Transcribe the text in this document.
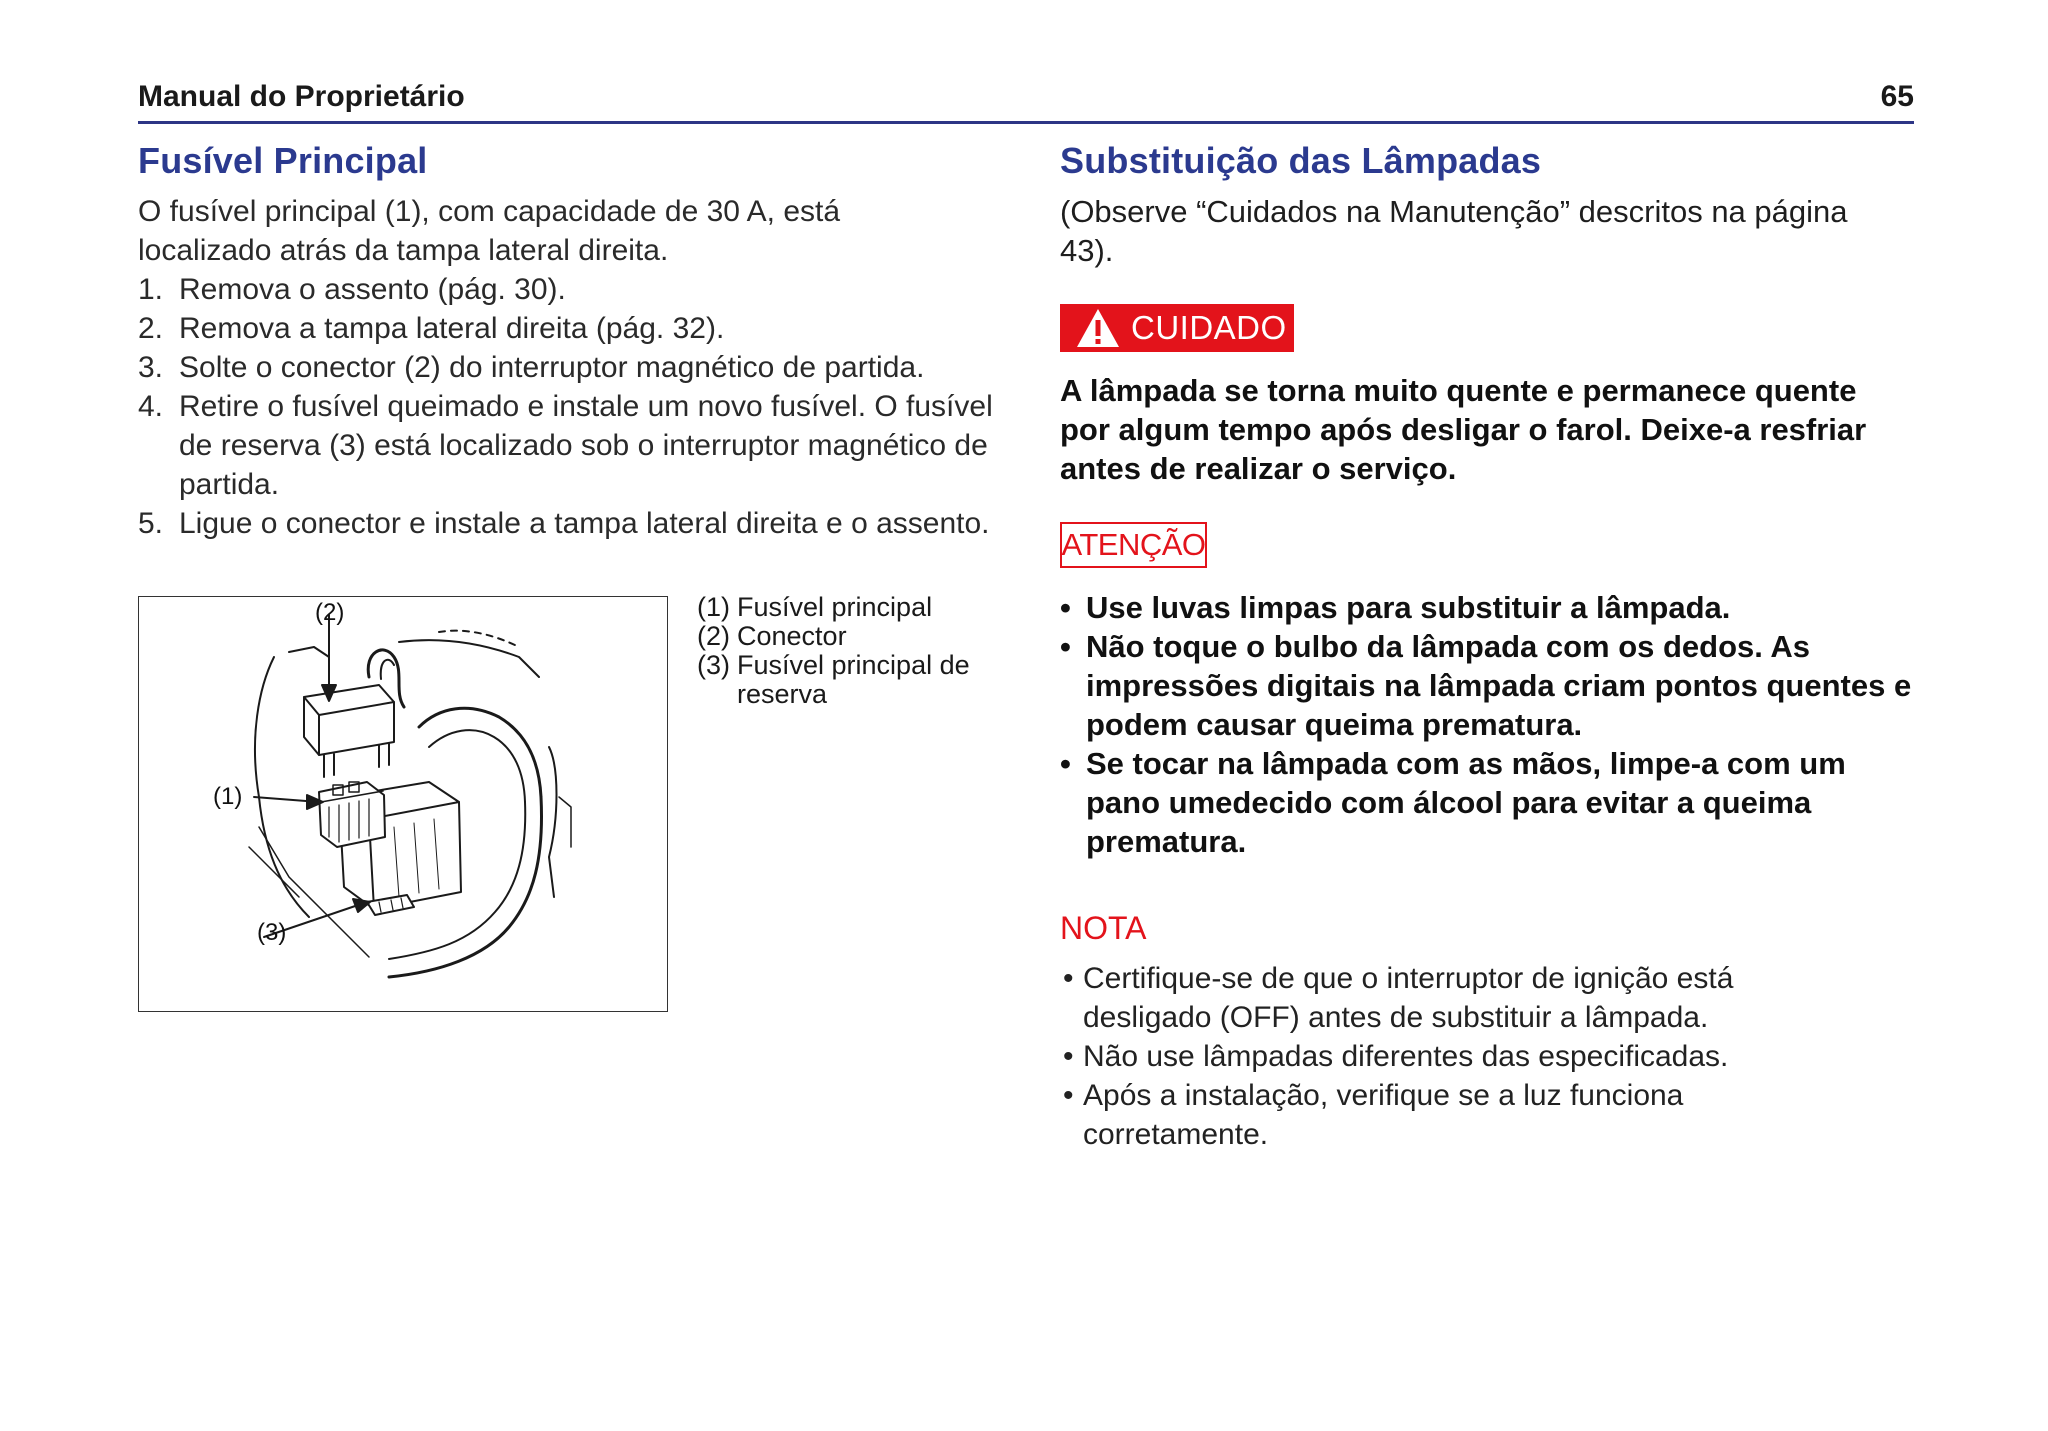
Manual do Proprietário	65
Fusível Principal
O fusível principal (1), com capacidade de 30 A, está localizado atrás da tampa lateral direita.
1. Remova o assento (pág. 30).
2. Remova a tampa lateral direita (pág. 32).
3. Solte o conector (2) do interruptor magnético de partida.
4. Retire o fusível queimado e instale um novo fusível. O fusível de reserva (3) está localizado sob o interruptor magnético de partida.
5. Ligue o conector e instale a tampa lateral direita e o assento.
(2)
(1)
(3)
(1) Fusível principal
(2) Conector
(3) Fusível principal de reserva
Substituição das Lâmpadas
(Observe “Cuidados na Manutenção” descritos na página 43).
CUIDADO
A lâmpada se torna muito quente e permanece quente por algum tempo após desligar o farol. Deixe-a resfriar antes de realizar o serviço.
ATENÇÃO
• Use luvas limpas para substituir a lâmpada.
• Não toque o bulbo da lâmpada com os dedos. As impressões digitais na lâmpada criam pontos quentes e podem causar queima prematura.
• Se tocar na lâmpada com as mãos, limpe-a com um pano umedecido com álcool para evitar a queima prematura.
NOTA
• Certifique-se de que o interruptor de ignição está desligado (OFF) antes de substituir a lâmpada.
• Não use lâmpadas diferentes das especificadas.
• Após a instalação, verifique se a luz funciona corretamente.
